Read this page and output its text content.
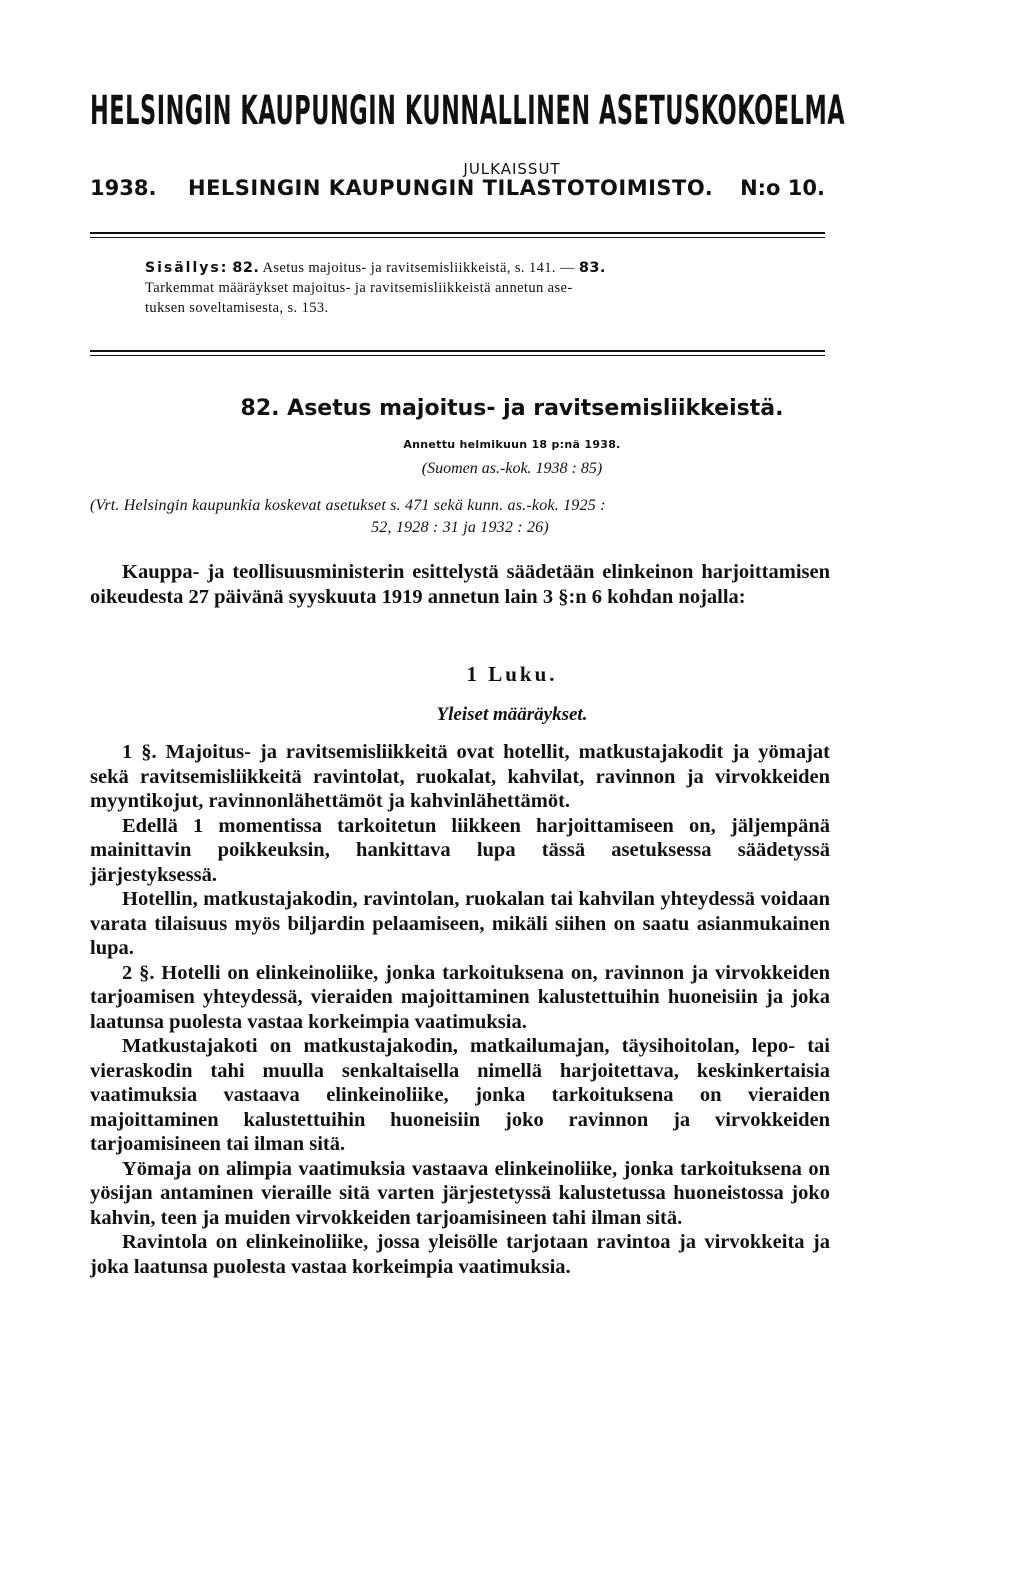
HELSINGIN KAUPUNGIN KUNNALLINEN ASETUSKOKOELMA
JULKAISSUT
1938. HELSINGIN KAUPUNGIN TILASTOTOIMISTO. N:o 10.
Sisällys: 82. Asetus majoitus- ja ravitsemisliikkeistä, s. 141. — 83.
Tarkemmat määräykset majoitus- ja ravitsemisliikkeistä annetun ase-
tuksen soveltamisesta, s. 153.
82. Asetus majoitus- ja ravitsemisliikkeistä.
Annettu helmikuun 18 p:nä 1938.
(Suomen as.-kok. 1938 : 85)
(Vrt. Helsingin kaupunkia koskevat asetukset s. 471 sekä kunn. as.-kok. 1925 :
52, 1928 : 31 ja 1932 : 26)

Kauppa- ja teollisuusministerin esittelystä säädetään elinkeinon harjoittamisen oikeudesta 27 päivänä syyskuuta 1919 annetun lain 3 §:n 6 kohdan nojalla:

1 Luku.
Yleiset määräykset.

1 §. Majoitus- ja ravitsemisliikkeitä ovat hotellit, matkustajakodit ja yömajat sekä ravitsemisliikkeitä ravintolat, ruokalat, kahvilat, ravinnon ja virvokkeiden myyntikojut, ravinnonlähettämöt ja kahvinlähettämöt.

Edellä 1 momentissa tarkoitetun liikkeen harjoittamiseen on, jäljempänä mainittavin poikkeuksin, hankittava lupa tässä asetuksessa säädetyssä järjestyksessä.

Hotellin, matkustajakodin, ravintolan, ruokalan tai kahvilan yhteydessä voidaan varata tilaisuus myös biljardin pelaamiseen, mikäli siihen on saatu asianmukainen lupa.

2 §. Hotelli on elinkeinoliike, jonka tarkoituksena on, ravinnon ja virvokkeiden tarjoamisen yhteydessä, vieraiden majoittaminen kalustettuihin huoneisiin ja joka laatunsa puolesta vastaa korkeimpia vaatimuksia.

Matkustajakoti on matkustajakodin, matkailumajan, täysihoitolan, lepo- tai vieraskodin tahi muulla senkaltaisella nimellä harjoitettava, keskinkertaisia vaatimuksia vastaava elinkeinoliike, jonka tarkoituksena on vieraiden majoittaminen kalustettuihin huoneisiin joko ravinnon ja virvokkeiden tarjoamisineen tai ilman sitä.

Yömaja on alimpia vaatimuksia vastaava elinkeinoliike, jonka tarkoituksena on yösijan antaminen vieraille sitä varten järjestetyssä kalustetussa huoneistossa joko kahvin, teen ja muiden virvokkeiden tarjoamisineen tahi ilman sitä.

Ravintola on elinkeinoliike, jossa yleisölle tarjotaan ravintoa ja virvokkeita ja joka laatunsa puolesta vastaa korkeimpia vaatimuksia.
